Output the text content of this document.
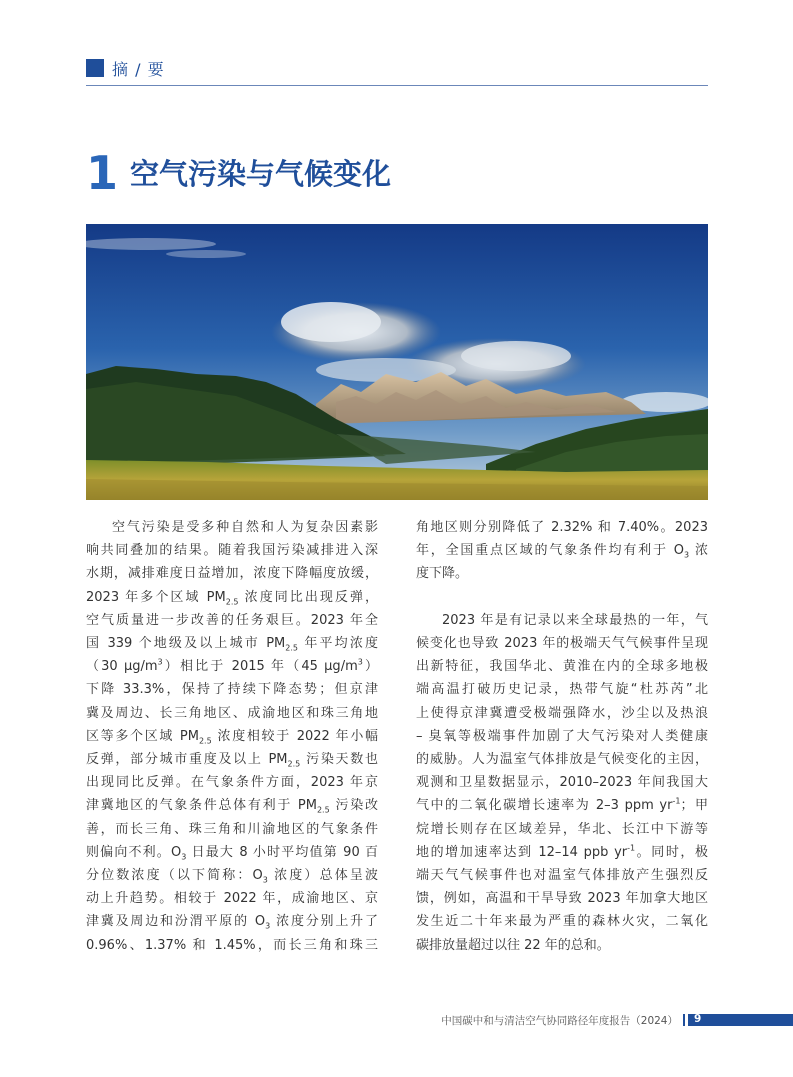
摘 / 要
1 空气污染与气候变化

空气污染是受多种自然和人为复杂因素影
响共同叠加的结果。随着我国污染减排进入深
水期，减排难度日益增加，浓度下降幅度放缓，
2023 年多个区域 $PM_{2.5}$ 浓度同比出现反弹，
空气质量进一步改善的任务艰巨。2023 年全
国 339 个地级及以上城市 $PM_{2.5}$ 年平均浓度
（30 $\mu g/m^3$）相比于 2015 年（45 $\mu g/m^3$）
下降 33.3%，保持了持续下降态势；但京津
冀及周边、长三角地区、成渝地区和珠三角地
区等多个区域 $PM_{2.5}$ 浓度相较于 2022 年小幅
反弹，部分城市重度及以上 $PM_{2.5}$ 污染天数也
出现同比反弹。在气象条件方面，2023 年京
津冀地区的气象条件总体有利于 $PM_{2.5}$ 污染改
善，而长三角、珠三角和川渝地区的气象条件
则偏向不利。$O_3$ 日最大 8 小时平均值第 90 百
分位数浓度（以下简称：$O_3$ 浓度）总体呈波
动上升趋势。相较于 2022 年，成渝地区、京
津冀及周边和汾渭平原的 $O_3$ 浓度分别上升了
0.96%、1.37% 和 1.45%，而长三角和珠三

角地区则分别降低了 2.32% 和 7.40%。2023
年，全国重点区域的气象条件均有利于 $O_3$ 浓
度下降。

2023 年是有记录以来全球最热的一年，气
候变化也导致 2023 年的极端天气气候事件呈现
出新特征，我国华北、黄淮在内的全球多地极
端高温打破历史记录，热带气旋“杜苏芮”北
上使得京津冀遭受极端强降水，沙尘以及热浪
– 臭氧等极端事件加剧了大气污染对人类健康
的威胁。人为温室气体排放是气候变化的主因，
观测和卫星数据显示，2010–2023 年间我国大
气中的二氧化碳增长速率为 2–3 ppm $yr^{-1}$；甲
烷增长则存在区域差异，华北、长江中下游等
地的增加速率达到 12–14 ppb $yr^{-1}$。同时，极
端天气气候事件也对温室气体排放产生强烈反
馈，例如，高温和干旱导致 2023 年加拿大地区
发生近二十年来最为严重的森林火灾，二氧化
碳排放量超过以往 22 年的总和。

中国碳中和与清洁空气协同路径年度报告（2024） 9
